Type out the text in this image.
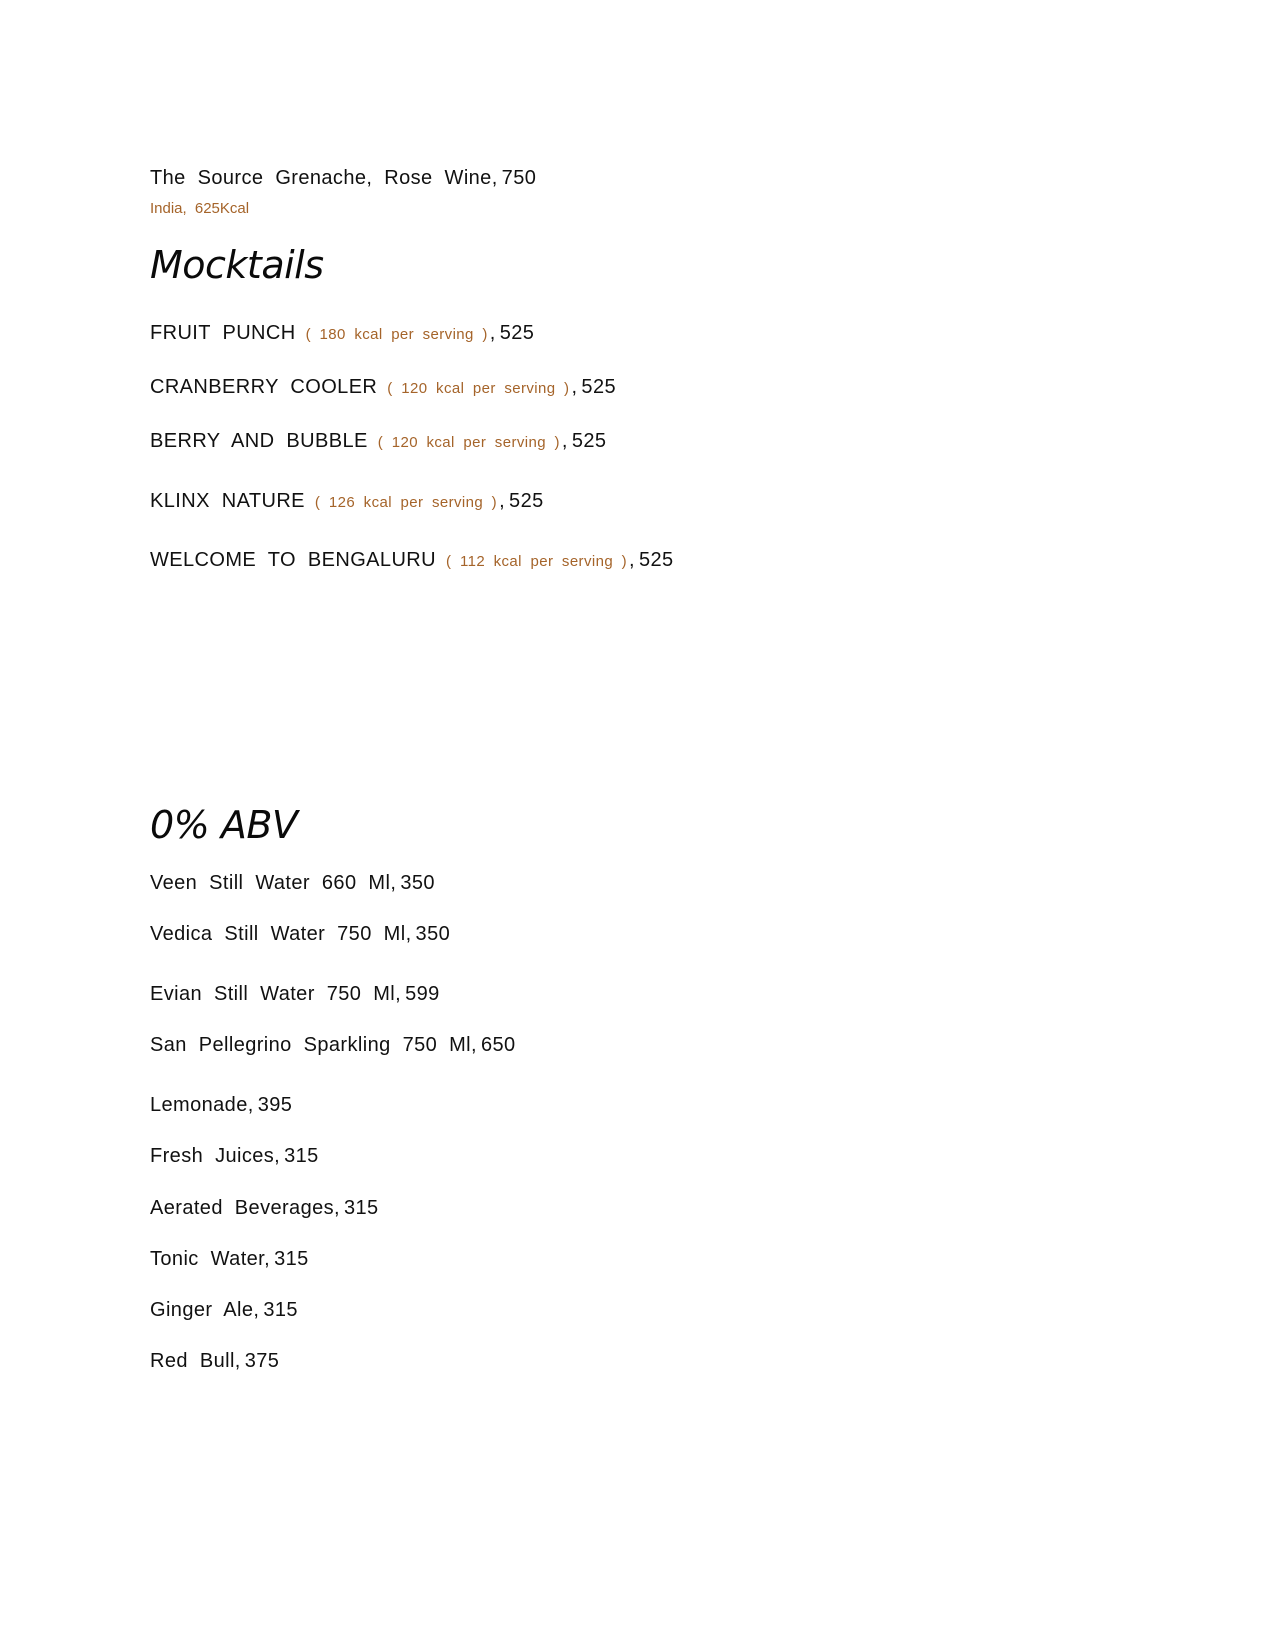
The Source Grenache, Rose Wine, 750
India, 625Kcal
Mocktails
FRUIT PUNCH ( 180 kcal per serving ) , 525
CRANBERRY COOLER ( 120 kcal per serving ) , 525
BERRY AND BUBBLE ( 120 kcal per serving ) , 525
KLINX NATURE ( 126 kcal per serving ) , 525
WELCOME TO BENGALURU ( 112 kcal per serving ) , 525
0% ABV
Veen Still Water 660 Ml, 350
Vedica Still Water 750 Ml, 350
Evian Still Water 750 Ml, 599
San Pellegrino Sparkling 750 Ml, 650
Lemonade, 395
Fresh Juices, 315
Aerated Beverages, 315
Tonic Water, 315
Ginger Ale, 315
Red Bull, 375
